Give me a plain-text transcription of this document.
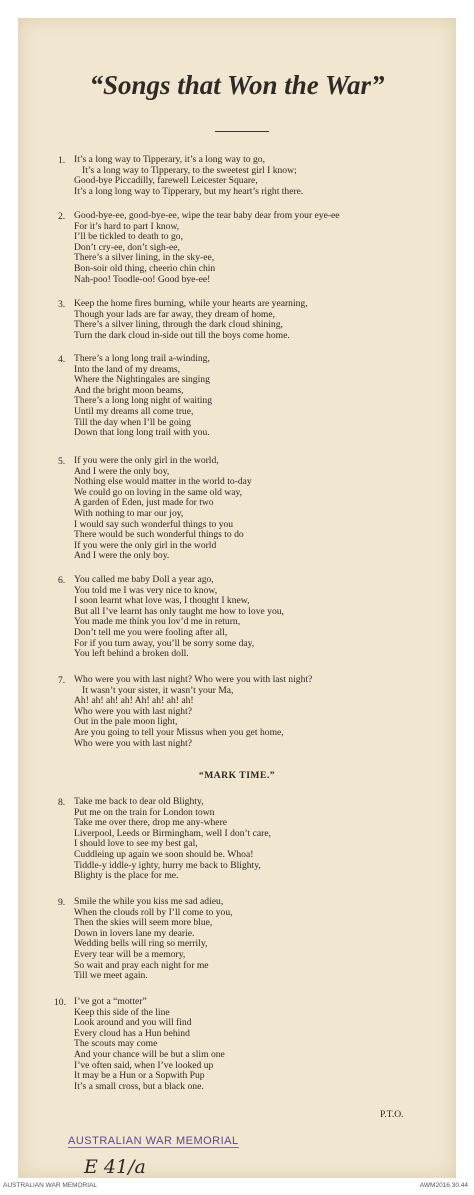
“Songs that Won the War”
1. It’s a long way to Tipperary, it’s a long way to go,
It’s a long way to Tipperary, to the sweetest girl I know;
Good-bye Piccadilly, farewell Leicester Square,
It’s a long long way to Tipperary, but my heart’s right there.
2. Good-bye-ee, good-bye-ee, wipe the tear baby dear from your eye-ee
For it’s hard to part I know,
I’ll be tickled to death to go,
Don’t cry-ee, don’t sigh-ee,
There’s a silver lining, in the sky-ee,
Bon-soir old thing, cheerio chin chin
Nah-poo! Toodle-oo! Good bye-ee!
3. Keep the home fires burning, while your hearts are yearning,
Though your lads are far away, they dream of home,
There’s a silver lining, through the dark cloud shining,
Turn the dark cloud in-side out till the boys come home.
4. There’s a long long trail a-winding,
Into the land of my dreams,
Where the Nightingales are singing
And the bright moon beams,
There’s a long long night of waiting
Until my dreams all come true,
Till the day when I’ll be going
Down that long long trail with you.
5. If you were the only girl in the world,
And I were the only boy,
Nothing else would matter in the world to-day
We could go on loving in the same old way,
A garden of Eden, just made for two
With nothing to mar our joy,
I would say such wonderful things to you
There would be such wonderful things to do
If you were the only girl in the world
And I were the only boy.
6. You called me baby Doll a year ago,
You told me I was very nice to know,
I soon learnt what love was, I thought I knew,
But all I’ve learnt has only taught me how to love you,
You made me think you lov’d me in return,
Don’t tell me you were fooling after all,
For if you turn away, you’ll be sorry some day,
You left behind a broken doll.
7. Who were you with last night? Who were you with last night?
It wasn’t your sister, it wasn’t your Ma,
Ah! ah! ah! ah! Ah! ah! ah! ah!
Who were you with last night?
Out in the pale moon light,
Are you going to tell your Missus when you get home,
Who were you with last night?
“MARK TIME.”
8. Take me back to dear old Blighty,
Put me on the train for London town
Take me over there, drop me any-where
Liverpool, Leeds or Birmingham, well I don’t care,
I should love to see my best gal,
Cuddleing up again we soon should be. Whoa!
Tiddle-y iddle-y ighty, hurry me back to Blighty,
Blighty is the place for me.
9. Smile the while you kiss me sad adieu,
When the clouds roll by I’ll come to you,
Then the skies will seem more blue,
Down in lovers lane my dearie.
Wedding bells will ring so merrily,
Every tear will be a memory,
So wait and pray each night for me
Till we meet again.
10. I’ve got a “motter”
Keep this side of the line
Look around and you will find
Every cloud has a Hun behind
The scouts may come
And your chance will be but a slim one
I’ve often said, when I’ve looked up
It may be a Hun or a Sopwith Pup
It’s a small cross, but a black one.
P.T.O.
AUSTRALIAN WAR MEMORIAL
E 41/a
AUSTRALIAN WAR MEMORIAL	AWM2016.30.44
